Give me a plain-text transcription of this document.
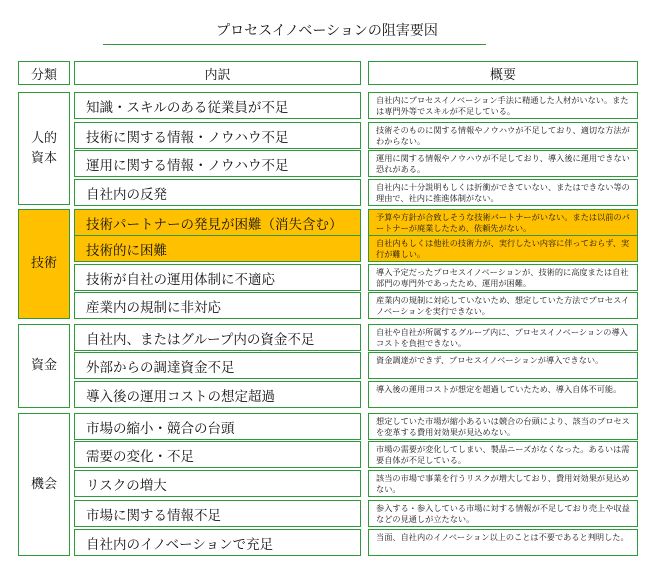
プロセスイノベーションの阻害要因
分類	内訳	概要
人的
資本
技術
資金
機会
知識・スキルのある従業員が不足
技術に関する情報・ノウハウ不足
運用に関する情報・ノウハウ不足
自社内の反発
技術パートナーの発見が困難（消失含む）
技術的に困難
技術が自社の運用体制に不適応
産業内の規制に非対応
自社内、またはグループ内の資金不足
外部からの調達資金不足
導入後の運用コストの想定超過
市場の縮小・競合の台頭
需要の変化・不足
リスクの増大
市場に関する情報不足
自社内のイノベーションで充足
自社内にプロセスイノベーション手法に精通した人材がいない。または専門外等でスキルが不足している。
技術そのものに関する情報やノウハウが不足しており、適切な方法がわからない。
運用に関する情報やノウハウが不足しており、導入後に運用できない恐れがある。
自社内に十分説明もしくは折衝ができていない、またはできない等の理由で、社内に推進体制がない。
予算や方針が合致しそうな技術パートナーがいない。または以前のパートナーが廃業したため、依頼先がない。
自社内もしくは他社の技術力が、実行したい内容に伴っておらず、実行が難しい。
導入予定だったプロセスイノベーションが、技術的に高度または自社部門の専門外であったため、運用が困難。
産業内の規制に対応していないため、想定していた方法でプロセスイノベーションを実行できない。
自社や自社が所属するグループ内に、プロセスイノベーションの導入コストを負担できない。
資金調達ができず、プロセスイノベーションが導入できない。
導入後の運用コストが想定を超過していたため、導入自体不可能。
想定していた市場が縮小あるいは競合の台頭により、該当のプロセスを変革する費用対効果が見込めない。
市場の需要が変化してしまい、製品ニーズがなくなった。あるいは需要自体が不足している。
該当の市場で事業を行うリスクが増大しており、費用対効果が見込めない。
参入する・参入している市場に対する情報が不足しており売上や収益などの見通しが立たない。
当面、自社内のイノベーション以上のことは不要であると判明した。
